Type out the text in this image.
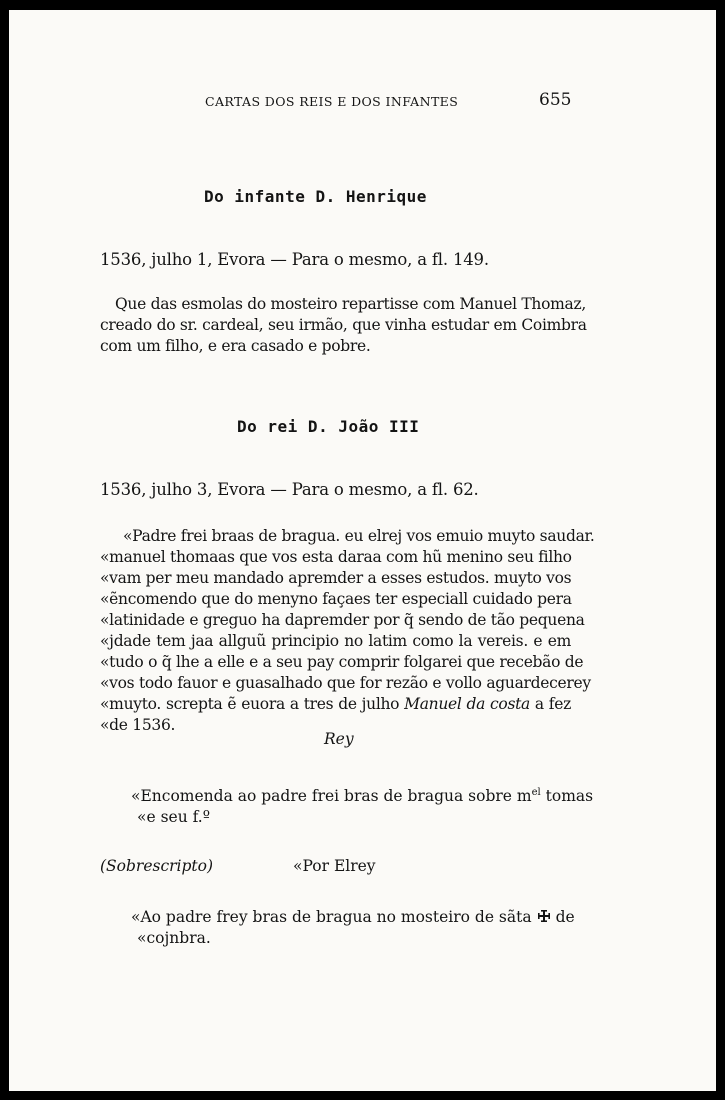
CARTAS DOS REIS E DOS INFANTES	655
Do infante D. Henrique
1536, julho 1, Evora — Para o mesmo, a fl. 149.
Que das esmolas do mosteiro repartisse com Manuel Thomaz,
creado do sr. cardeal, seu irmão, que vinha estudar em Coimbra
com um filho, e era casado e pobre.
Do rei D. João III
1536, julho 3, Evora — Para o mesmo, a fl. 62.
«Padre frei braas de bragua. eu elrej vos emuio muyto saudar.
«manuel thomaas que vos esta daraa com hũ menino seu filho
«vam per meu mandado apremder a esses estudos. muyto vos
«ẽncomendo que do menyno façaes ter especiall cuidado pera
«latinidade e greguo ha dapremder por q̃ sendo de tão pequena
«jdade tem jaa allguũ principio no latim como la vereis. e em
«tudo o q̃ lhe a elle e a seu pay comprir folgarei que recebão de
«vos todo fauor e guasalhado que for rezão e vollo aguardecerey
«muyto. screpta ẽ euora a tres de julho Manuel da costa a fez
«de 1536.
Rey
«Encomenda ao padre frei bras de bragua sobre $m^{el}$ tomas
«e seu f.º
(Sobrescripto)	«Por Elrey
«Ao padre frey bras de bragua no mosteiro de sãta de
«cojnbra.
